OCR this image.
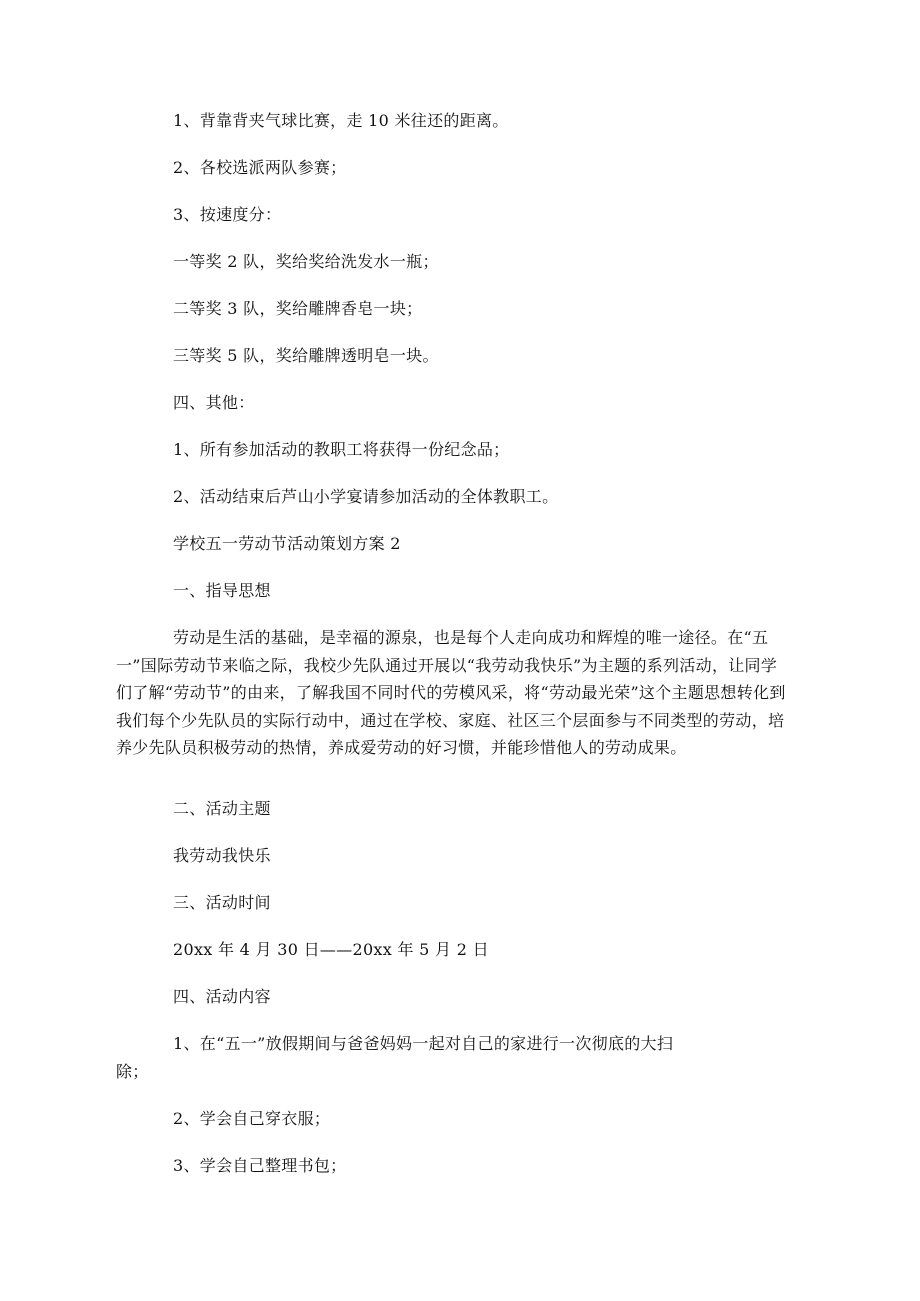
1、背靠背夹气球比赛，走 10 米往还的距离。
2、各校选派两队参赛；
3、按速度分：
一等奖 2 队，奖给奖给洗发水一瓶；
二等奖 3 队，奖给雕牌香皂一块；
三等奖 5 队，奖给雕牌透明皂一块。
四、其他：
1、所有参加活动的教职工将获得一份纪念品；
2、活动结束后芦山小学宴请参加活动的全体教职工。
学校五一劳动节活动策划方案 2
一、指导思想

劳动是生活的基础，是幸福的源泉，也是每个人走向成功和辉煌的唯一途径。在“五一”国际劳动节来临之际，我校少先队通过开展以“我劳动我快乐”为主题的系列活动，让同学们了解“劳动节”的由来，了解我国不同时代的劳模风采，将“劳动最光荣”这个主题思想转化到我们每个少先队员的实际行动中，通过在学校、家庭、社区三个层面参与不同类型的劳动，培养少先队员积极劳动的热情，养成爱劳动的好习惯，并能珍惜他人的劳动成果。

二、活动主题
我劳动我快乐
三、活动时间
20xx 年 4 月 30 日——20xx 年 5 月 2 日
四、活动内容
1、在“五一”放假期间与爸爸妈妈一起对自己的家进行一次彻底的大扫
除；
2、学会自己穿衣服；
3、学会自己整理书包；
